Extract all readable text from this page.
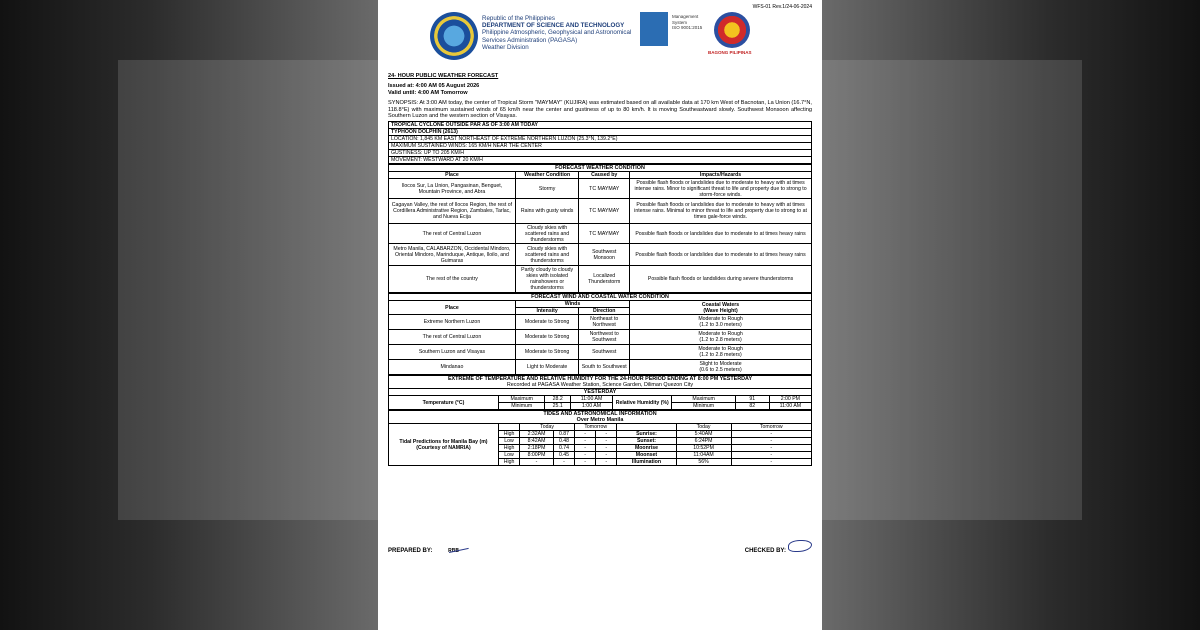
WFS-01 Rev.1/24-06-2024
Republic of the Philippines
DEPARTMENT OF SCIENCE AND TECHNOLOGY
Philippine Atmospheric, Geophysical and Astronomical
Services Administration (PAGASA)
Weather Division
Management
System
ISO 9001:2015
BAGONG PILIPINAS
24- HOUR PUBLIC WEATHER FORECAST
Issued at: 4:00 AM 05 August 2026
Valid until: 4:00 AM Tomorrow
SYNOPSIS: At 3:00 AM today, the center of Tropical Storm "MAYMAY" (KUJIRA) was estimated based on all available data at 170 km West of Bacnotan, La Union (16.7°N, 118.8°E) with maximum sustained winds of 65 km/h near the center and gustiness of up to 80 km/h. It is moving Southeastward slowly. Southwest Monsoon affecting Southern Luzon and the western section of Visayas.
TROPICAL CYCLONE OUTSIDE PAR AS OF 3:00 AM TODAY
TYPHOON DOLPHIN (2613)
LOCATION: 1,845 KM EAST NORTHEAST OF EXTREME NORTHERN LUZON (25.3°N, 139.2°E)
MAXIMUM SUSTAINED WINDS: 165 KM/H NEAR THE CENTER
GUSTINESS: UP TO 205 KM/H
MOVEMENT: WESTWARD AT 20 KM/H
FORECAST WEATHER CONDITION			
Place	Weather Condition	Caused by	Impacts/Hazards
Ilocos Sur, La Union, Pangasinan, Benguet, Mountain Province, and Abra	Stormy	TC MAYMAY	Possible flash floods or landslides due to moderate to heavy with at times intense rains. Minor to significant threat to life and property due to strong to storm-force winds.
Cagayan Valley, the rest of Ilocos Region, the rest of Cordillera Administrative Region, Zambales, Tarlac, and Nueva Ecija	Rains with gusty winds	TC MAYMAY	Possible flash floods or landslides due to moderate to heavy with at times intense rains. Minimal to minor threat to life and property due to strong to at times gale-force winds.
The rest of Central Luzon	Cloudy skies with scattered rains and thunderstorms	TC MAYMAY	Possible flash floods or landslides due to moderate to at times heavy rains
Metro Manila, CALABARZON, Occidental Mindoro, Oriental Mindoro, Marinduque, Antique, Iloilo, and Guimaras	Cloudy skies with scattered rains and thunderstorms	Southwest Monsoon	Possible flash floods or landslides due to moderate to at times heavy rains
The rest of the country	Partly cloudy to cloudy skies with isolated rainshowers or thunderstorms	Localized Thunderstorm	Possible flash floods or landslides during severe thunderstorms
FORECAST WIND AND COASTAL WATER CONDITION			
Place	Winds		Coastal Waters
(Wave Height)

	Intensity	Direction	
Extreme Northern Luzon	Moderate to Strong	Northeast to Northwest	Moderate to Rough
(1.2 to 3.0 meters)

The rest of Central Luzon	Moderate to Strong	Northwest to Southwest	Moderate to Rough
(1.2 to 2.8 meters)

Southern Luzon and Visayas	Moderate to Strong	Southwest	Moderate to Rough
(1.2 to 2.8 meters)

Mindanao	Light to Moderate	South to Southwest	Slight to Moderate
(0.6 to 2.5 meters)
EXTREME OF TEMPERATURE AND RELATIVE HUMIDITY FOR THE 24-HOUR PERIOD ENDING AT 8:00 PM YESTERDAY
Recorded at PAGASA Weather Station, Science Garden, Diliman Quezon City							

YESTERDAY							
Temperature (°C)	Maximum	28.2	11:00 AM	Relative Humidity (%)	Maximum	91	2:00 PM
	Minimum	25.1	1:00 AM		Minimum	82	11:00 AM
TIDES AND ASTRONOMICAL INFORMATION
Over Metro Manila								

Tidal Predictions for Manila Bay (m) (Courtesy of NAMRIA)		Today		Tomorrow			Today	Tomorrow
	High	2:32AM	0.87	-	-	Sunrise:	5:40AM	-
	Low	8:42AM	0.48	-	-	Sunset:	6:24PM	-
	High	2:18PM	0.74	-	-	Moonrise	10:52PM	-
	Low	8:00PM	0.45	-	-	Moonset	11:04AM	-
	High	-	-	-	-	Illumination	56%	-
PREPARED BY:	RBB	CHECKED BY:
